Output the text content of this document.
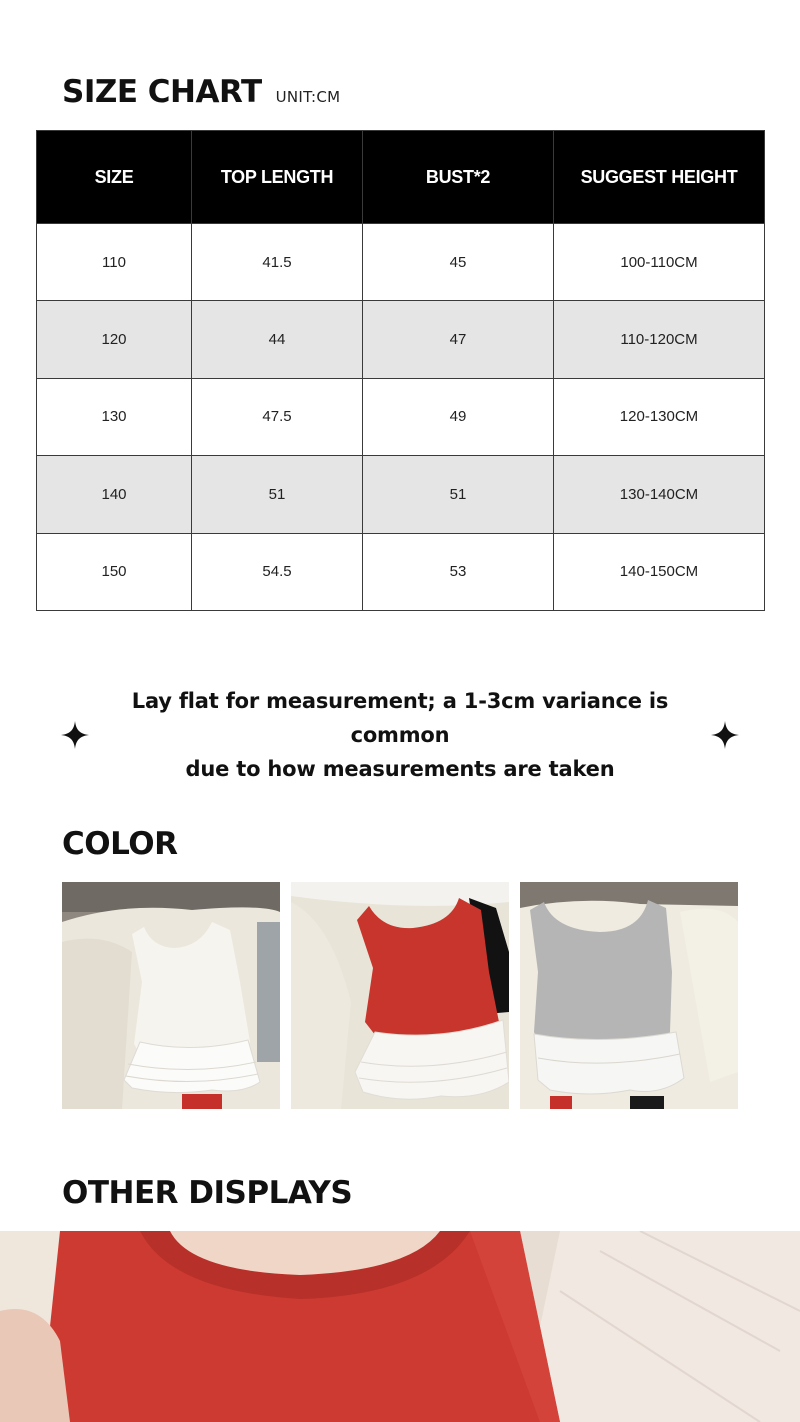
SIZE CHART UNIT:CM
SIZE	TOP LENGTH	BUST*2	SUGGEST HEIGHT
110	41.5	45	100-110CM
120	44	47	110-120CM
130	47.5	49	120-130CM
140	51	51	130-140CM
150	54.5	53	140-150CM
Lay flat for measurement; a 1-3cm variance is common
due to how measurements are taken
COLOR
OTHER DISPLAYS
